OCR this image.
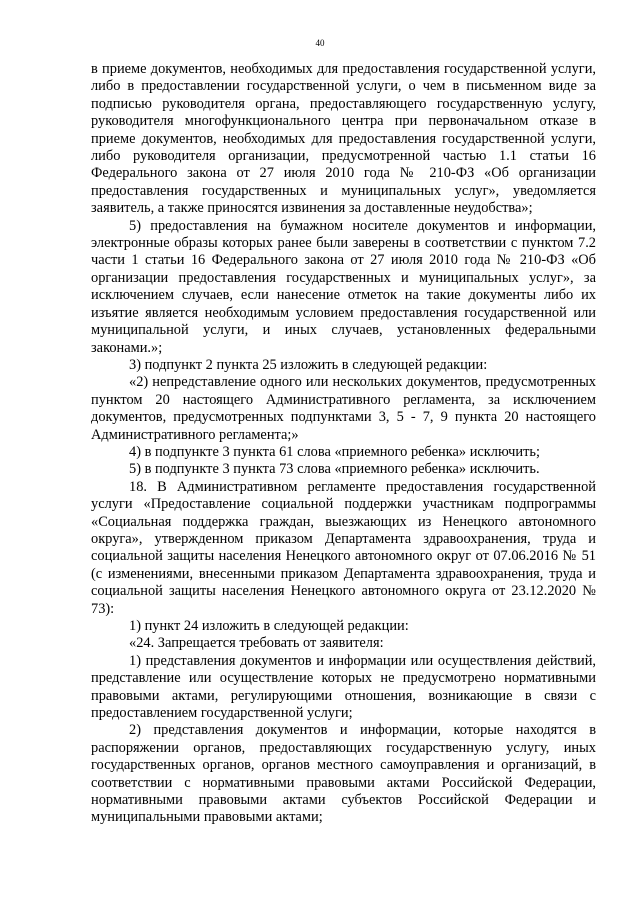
40

в приеме документов, необходимых для предоставления государственной услуги, либо в предоставлении государственной услуги, о чем в письменном виде за подписью руководителя органа, предоставляющего государственную услугу, руководителя многофункционального центра при первоначальном отказе в приеме документов, необходимых для предоставления государственной услуги, либо руководителя организации, предусмотренной частью 1.1 статьи 16 Федерального закона от 27 июля 2010 года № 210-ФЗ «Об организации предоставления государственных и муниципальных услуг», уведомляется заявитель, а также приносятся извинения за доставленные неудобства»;

5) предоставления на бумажном носителе документов и информации, электронные образы которых ранее были заверены в соответствии с пунктом 7.2 части 1 статьи 16 Федерального закона от 27 июля 2010 года № 210-ФЗ «Об организации предоставления государственных и муниципальных услуг», за исключением случаев, если нанесение отметок на такие документы либо их изъятие является необходимым условием предоставления государственной или муниципальной услуги, и иных случаев, установленных федеральными законами.»;

3) подпункт 2 пункта 25 изложить в следующей редакции:

«2) непредставление одного или нескольких документов, предусмотренных пунктом 20 настоящего Административного регламента, за исключением документов, предусмотренных подпунктами 3, 5 - 7, 9 пункта 20 настоящего Административного регламента;»

4) в подпункте 3 пункта 61 слова «приемного ребенка» исключить;

5) в подпункте 3 пункта 73 слова «приемного ребенка» исключить.

18. В Административном регламенте предоставления государственной услуги «Предоставление социальной поддержки участникам подпрограммы «Социальная поддержка граждан, выезжающих из Ненецкого автономного округа», утвержденном приказом Департамента здравоохранения, труда и социальной защиты населения Ненецкого автономного округ от 07.06.2016 № 51 (с изменениями, внесенными приказом Департамента здравоохранения, труда и социальной защиты населения Ненецкого автономного округа от 23.12.2020 № 73):

1) пункт 24 изложить в следующей редакции:

«24. Запрещается требовать от заявителя:

1) представления документов и информации или осуществления действий, представление или осуществление которых не предусмотрено нормативными правовыми актами, регулирующими отношения, возникающие в связи с предоставлением государственной услуги;

2) представления документов и информации, которые находятся в распоряжении органов, предоставляющих государственную услугу, иных государственных органов, органов местного самоуправления и организаций, в соответствии с нормативными правовыми актами Российской Федерации, нормативными правовыми актами субъектов Российской Федерации и муниципальными правовыми актами;
